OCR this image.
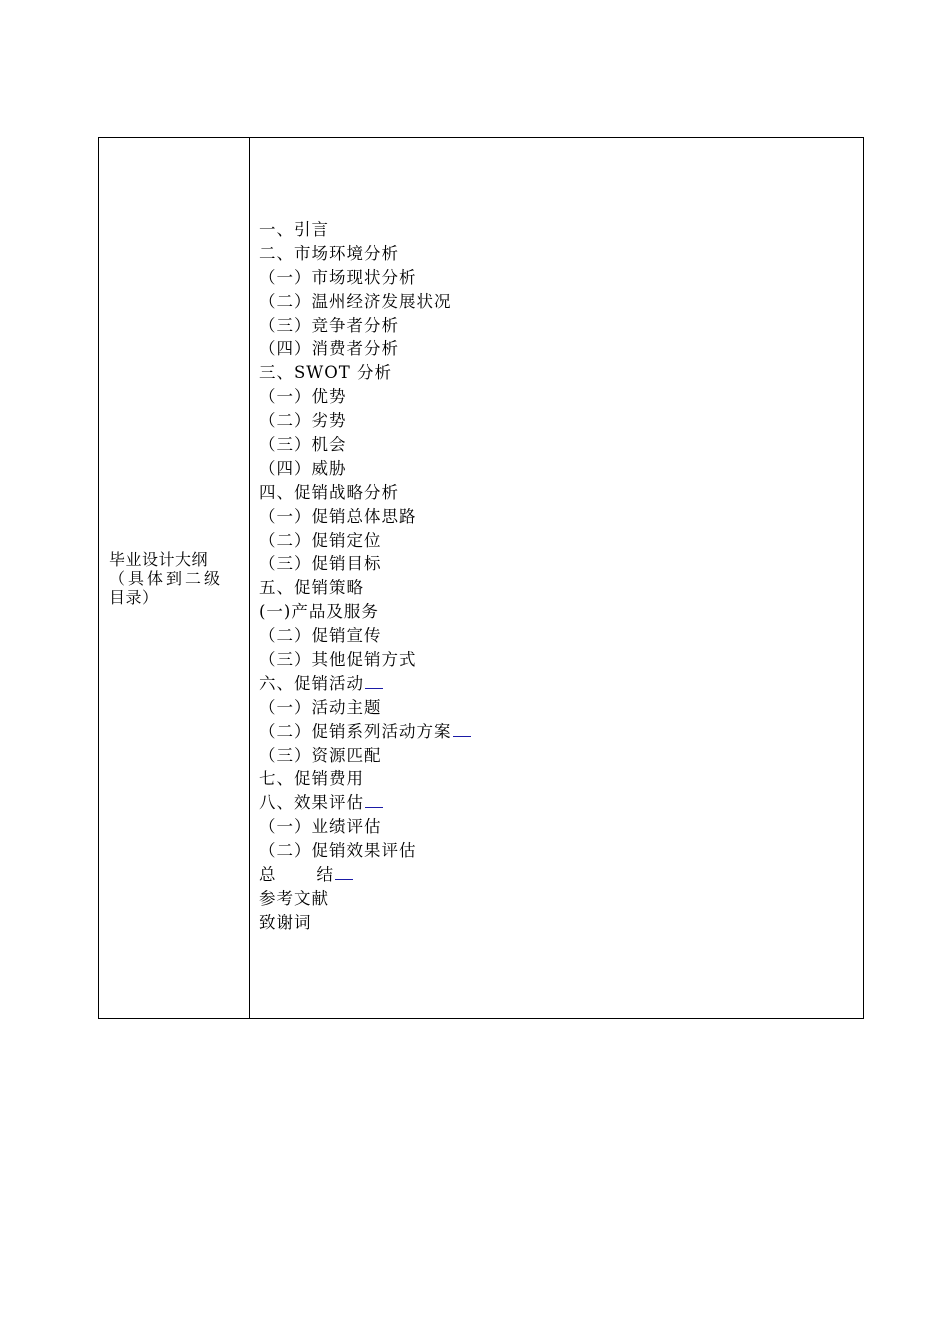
毕业设计大纲
（具体到二级
目录）
一、引言
二、市场环境分析
（一）市场现状分析
（二）温州经济发展状况
（三）竞争者分析
（四）消费者分析
三、SWOT 分析
（一）优势
（二）劣势
（三）机会
（四）威胁
四、促销战略分析
（一）促销总体思路
（二）促销定位
（三）促销目标
五、促销策略
(一)产品及服务
（二）促销宣传
（三）其他促销方式
六、促销活动
（一）活动主题
（二）促销系列活动方案
（三）资源匹配
七、促销费用
八、效果评估
（一）业绩评估
（二）促销效果评估
总 结
参考文献
致谢词
